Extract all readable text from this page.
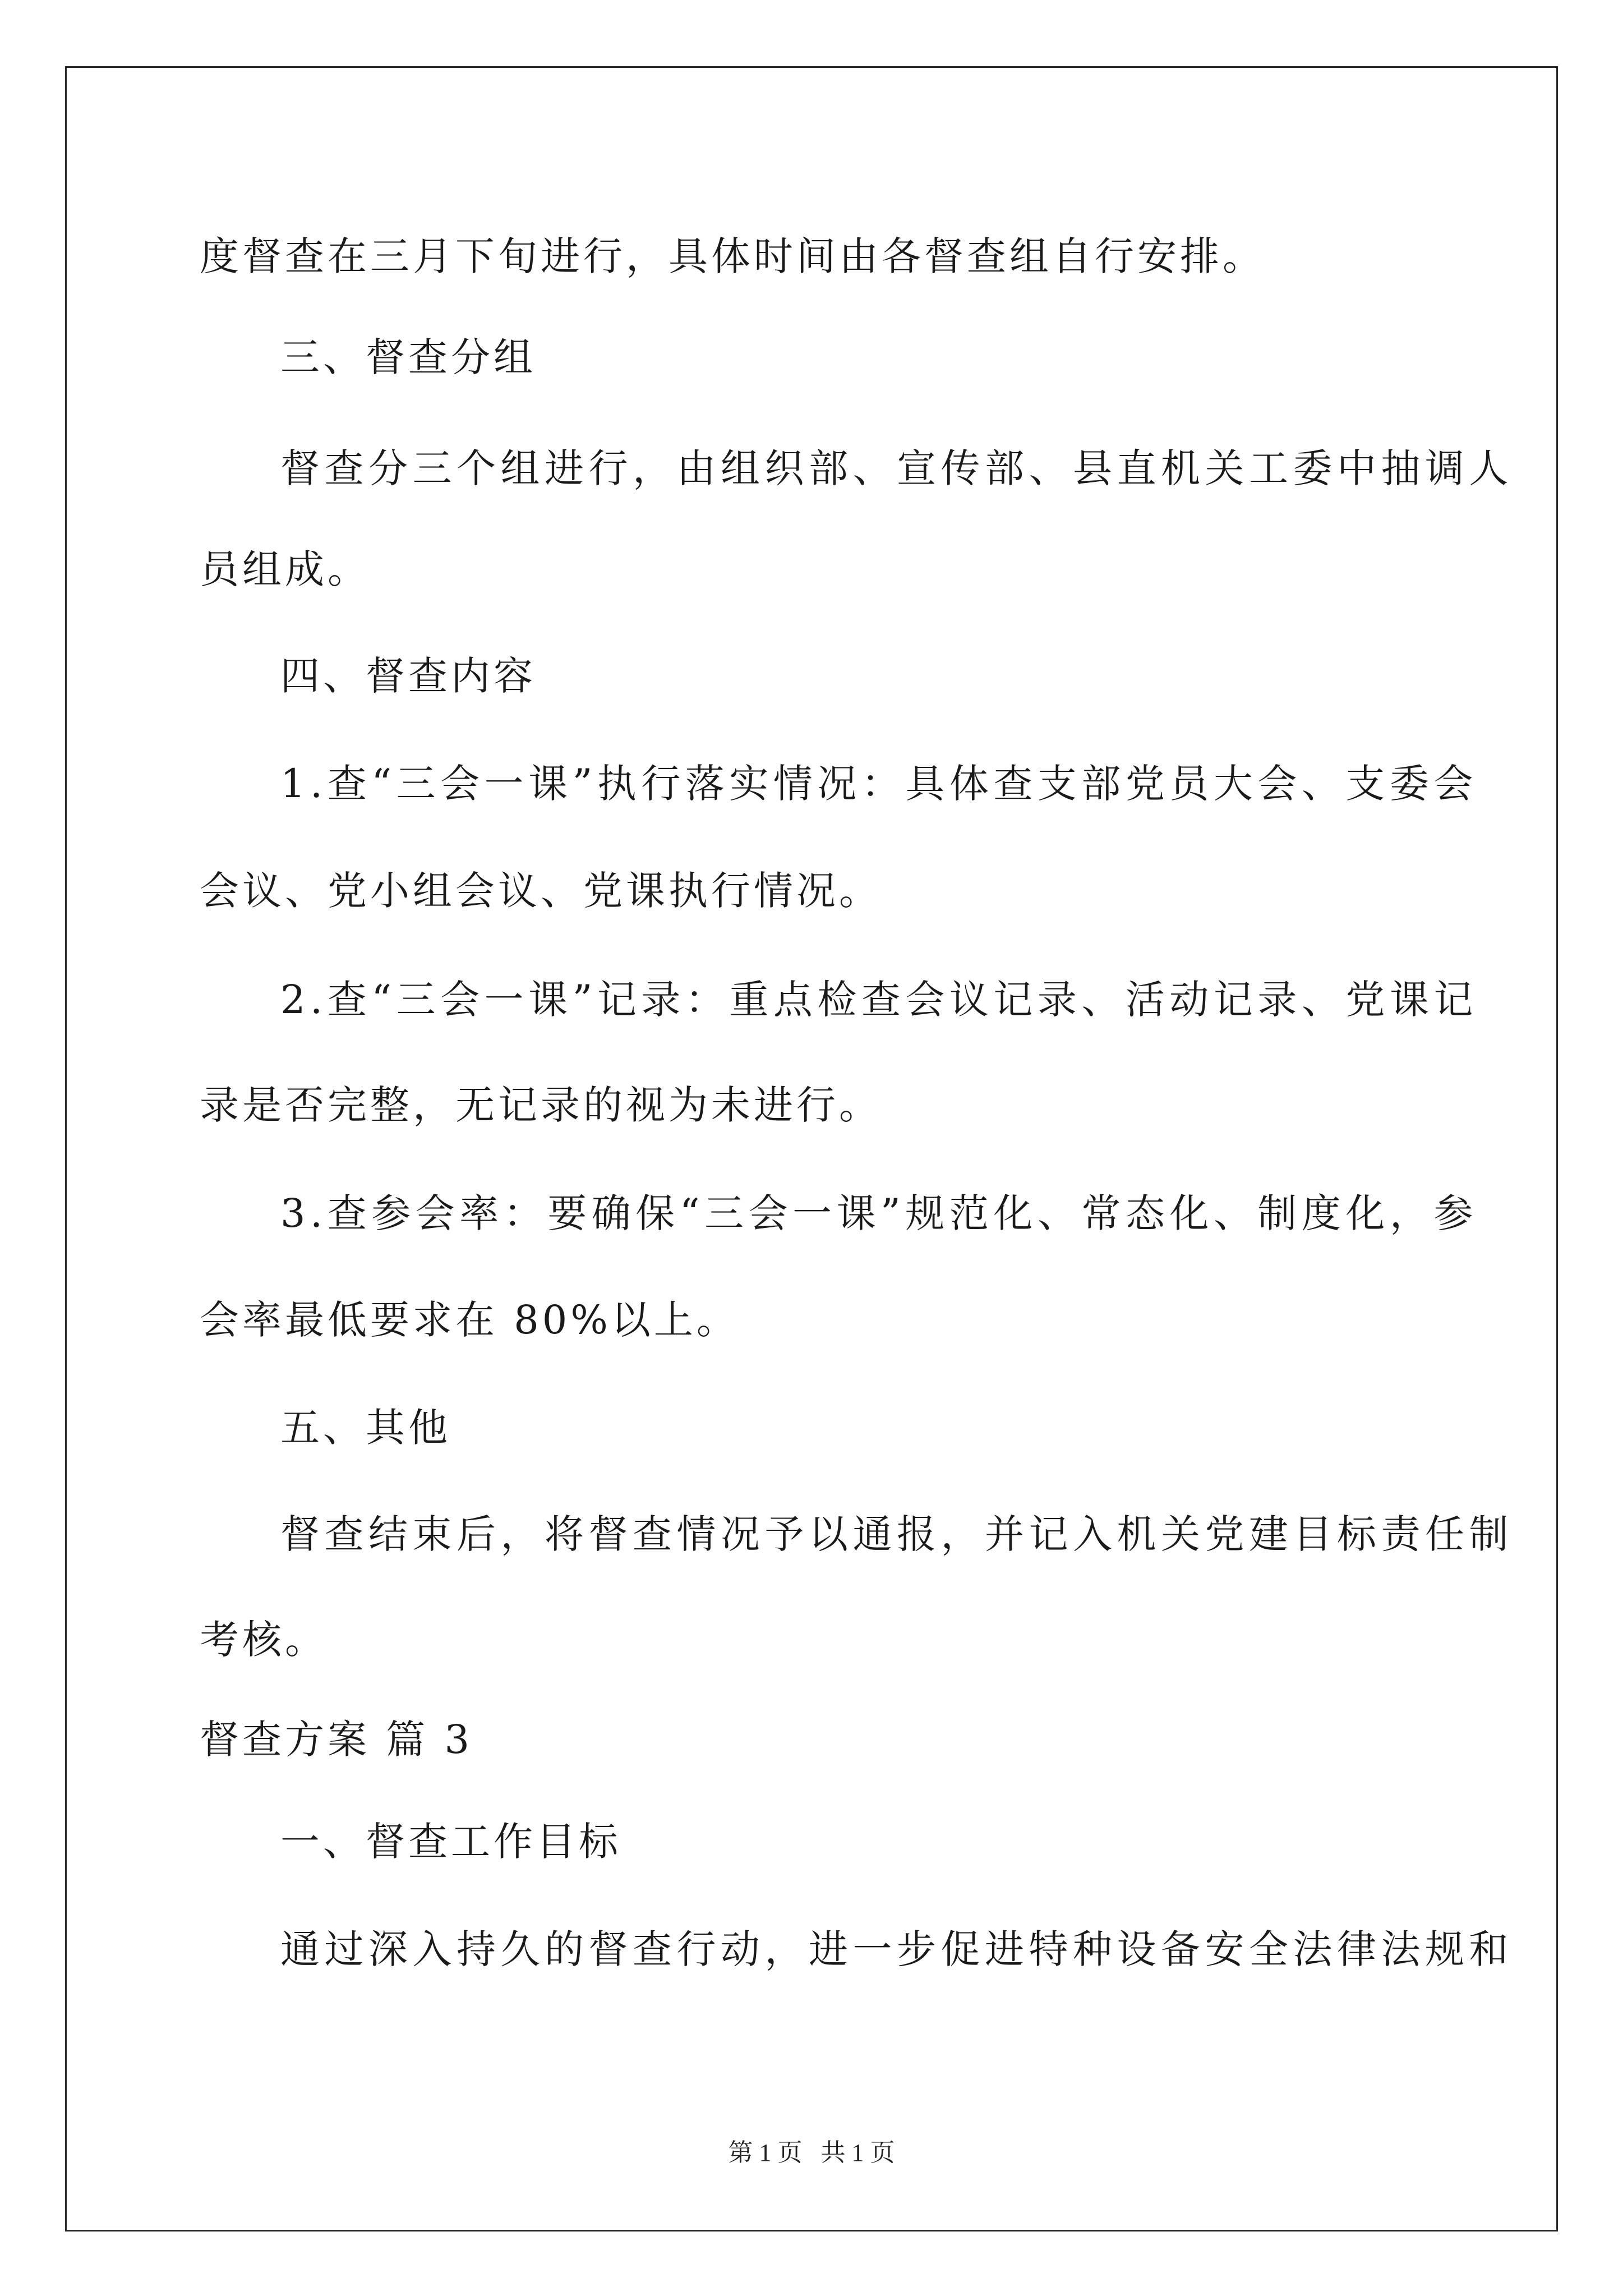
度督查在三月下旬进行，具体时间由各督查组自行安排。
三、督查分组
督查分三个组进行，由组织部、宣传部、县直机关工委中抽调人
员组成。
四、督查内容
1.查“三会一课”执行落实情况：具体查支部党员大会、支委会
会议、党小组会议、党课执行情况。
2.查“三会一课”记录：重点检查会议记录、活动记录、党课记
录是否完整，无记录的视为未进行。
3.查参会率：要确保“三会一课”规范化、常态化、制度化，参
会率最低要求在 80%以上。
五、其他
督查结束后，将督查情况予以通报，并记入机关党建目标责任制
考核。
督查方案 篇 3
一、督查工作目标
通过深入持久的督查行动，进一步促进特种设备安全法律法规和
第 1 页   共 1 页
